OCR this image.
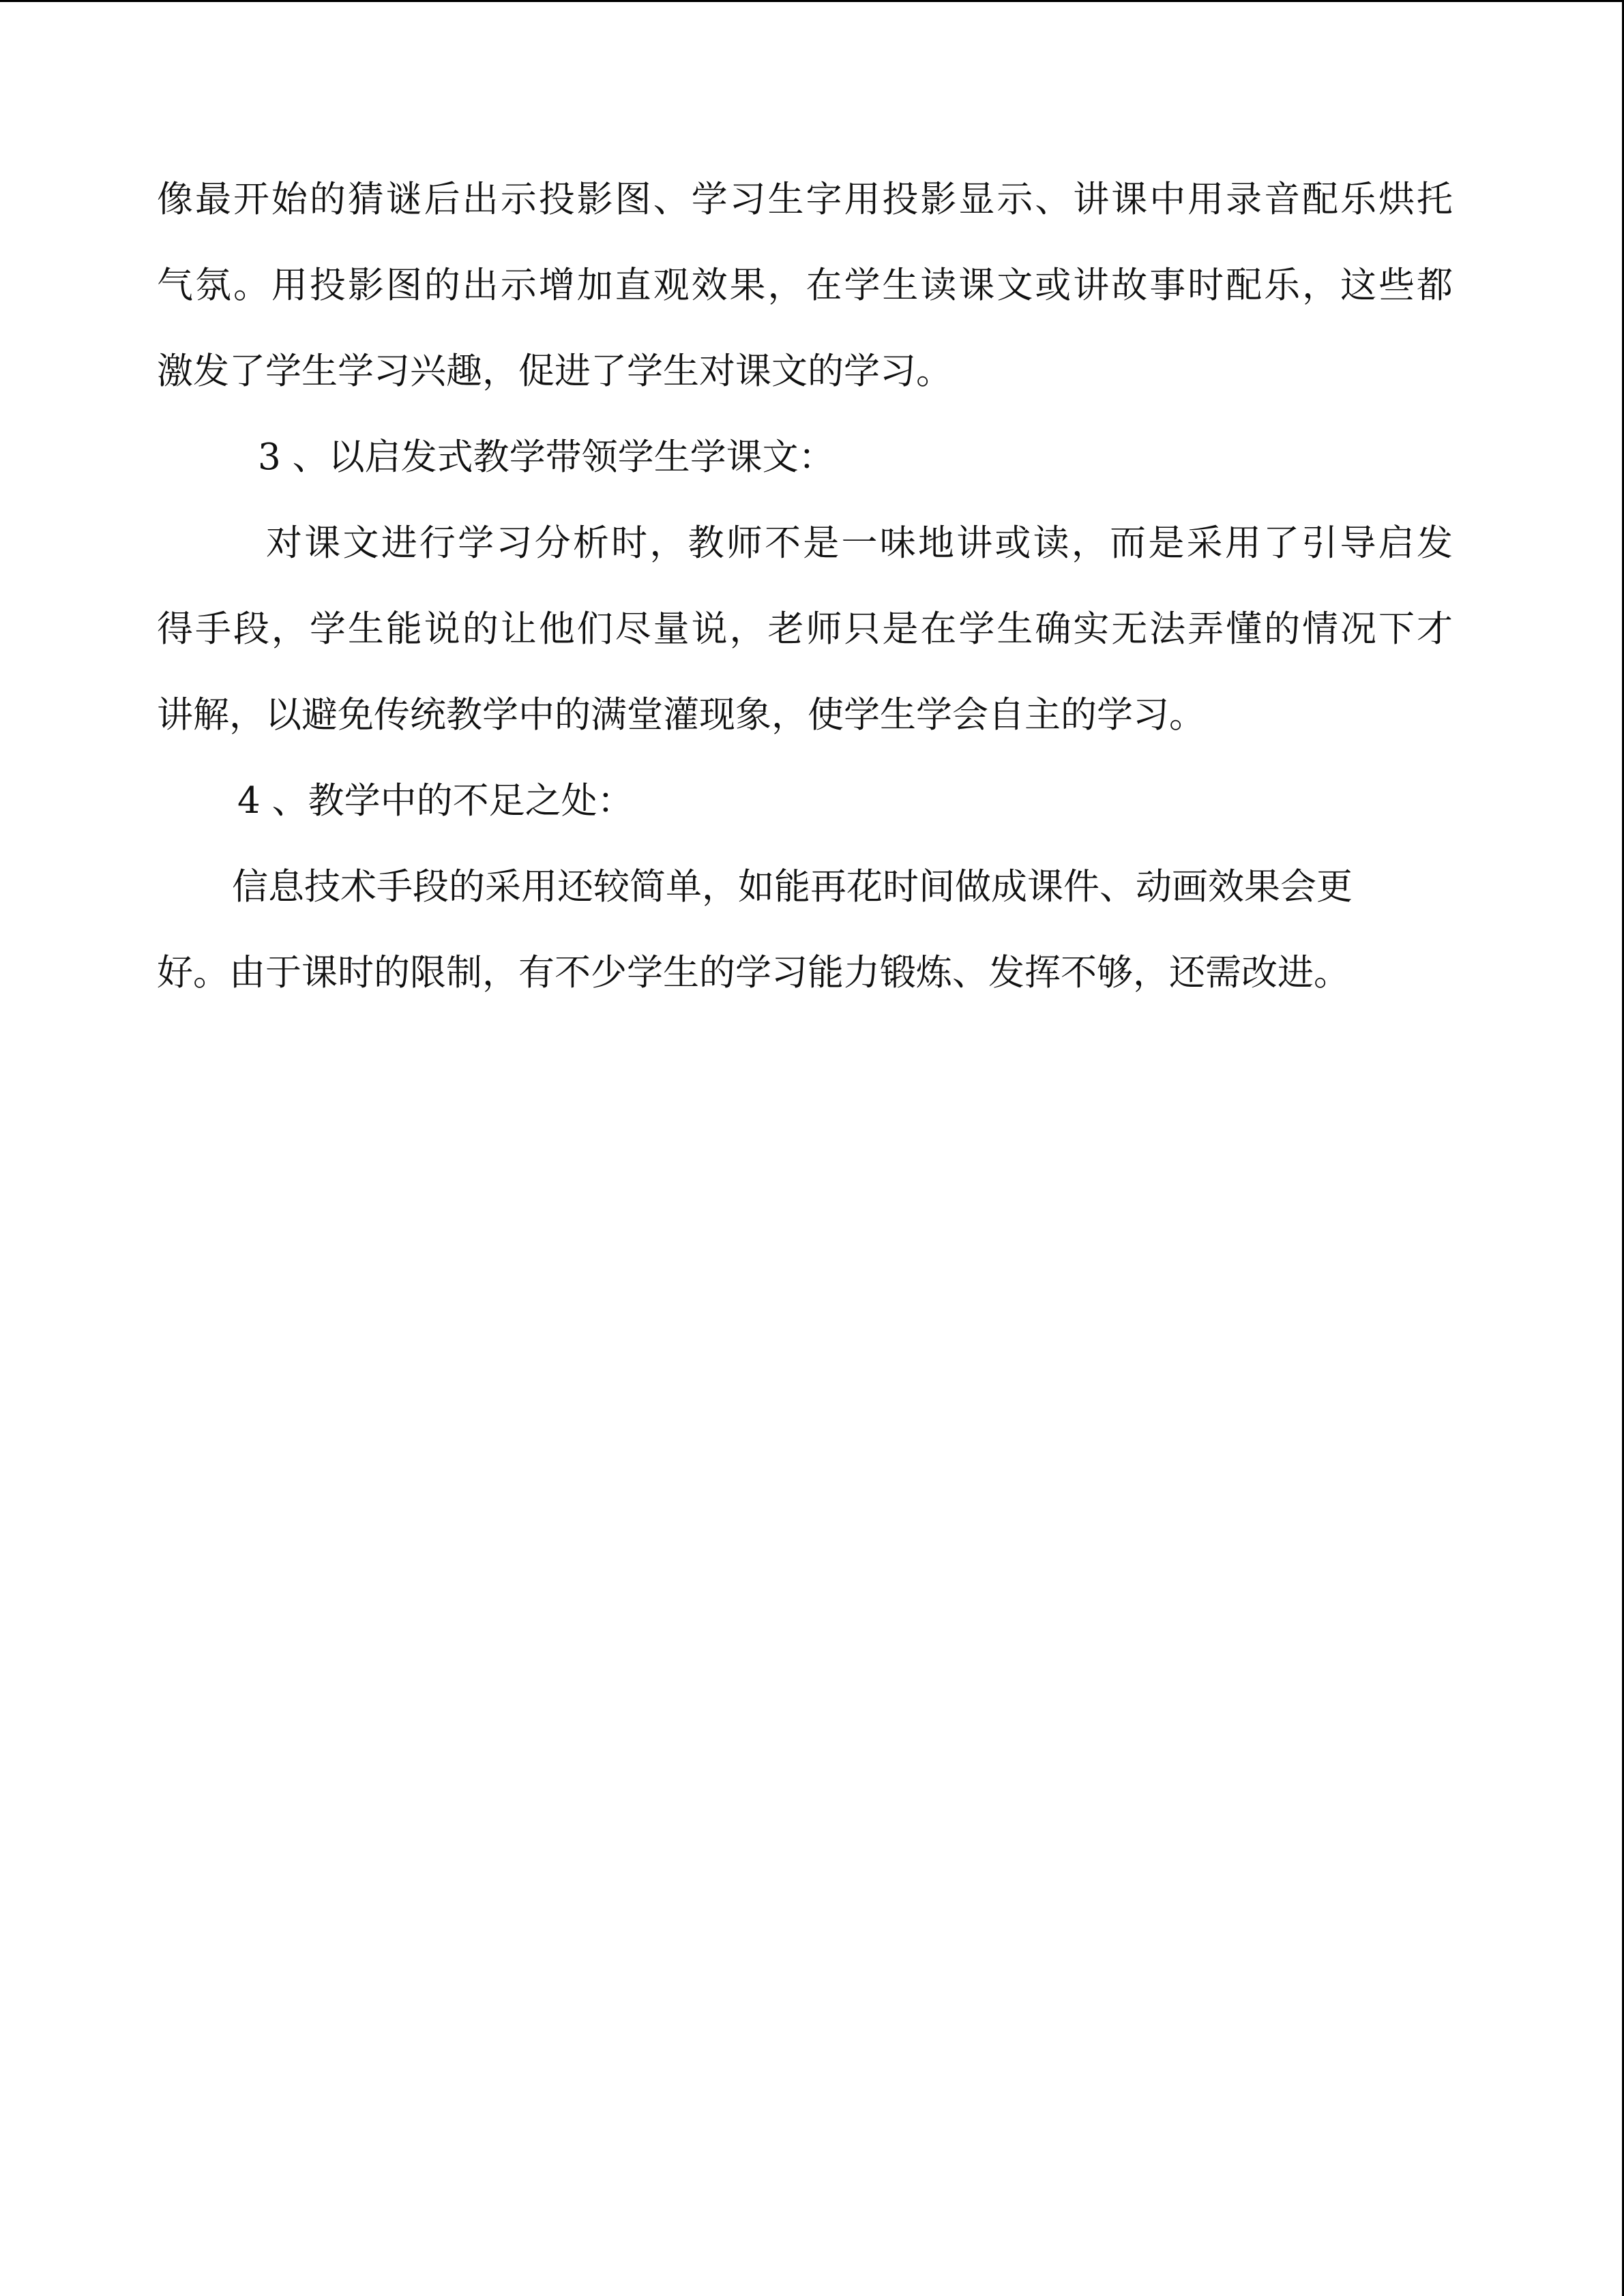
像最开始的猜谜后出示投影图、学习生字用投影显示、讲课中用录音配乐烘托
气氛。用投影图的出示增加直观效果，在学生读课文或讲故事时配乐，这些都
激发了学生学习兴趣，促进了学生对课文的学习。
3 、以启发式教学带领学生学课文：
对课文进行学习分析时，教师不是一味地讲或读，而是采用了引导启发
得手段，学生能说的让他们尽量说，老师只是在学生确实无法弄懂的情况下才
讲解，以避免传统教学中的满堂灌现象，使学生学会自主的学习。
4 、教学中的不足之处：
信息技术手段的采用还较简单，如能再花时间做成课件、动画效果会更
好。由于课时的限制，有不少学生的学习能力锻炼、发挥不够，还需改进。
